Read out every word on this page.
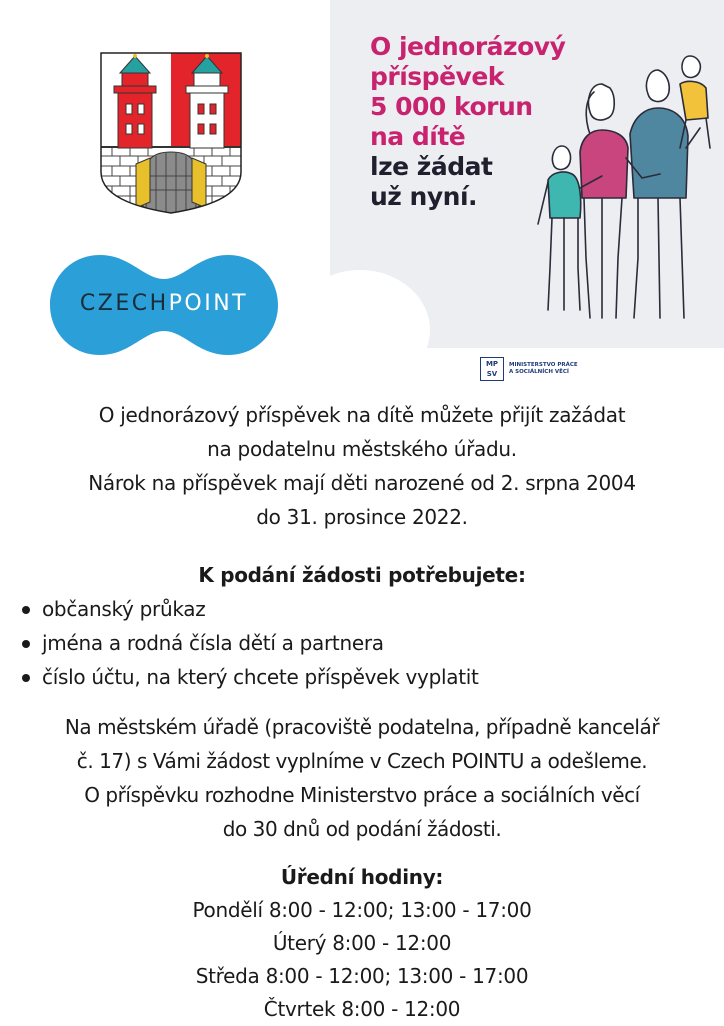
CZECHPOINT

O jednorázový
příspěvek
5 000 korun
na dítě
lze žádat
už nyní.

MP
SV
MINISTERSTVO PRÁCE
A SOCIÁLNÍCH VĚCÍ
O jednorázový příspěvek na dítě můžete přijít zažádat
na podatelnu městského úřadu.
Nárok na příspěvek mají děti narozené od 2. srpna 2004
do 31. prosince 2022.
K podání žádosti potřebujete:
občanský průkaz
jména a rodná čísla dětí a partnera
číslo účtu, na který chcete příspěvek vyplatit
Na městském úřadě (pracoviště podatelna, případně kancelář
č. 17) s Vámi žádost vyplníme v Czech POINTU a odešleme.
O příspěvku rozhodne Ministerstvo práce a sociálních věcí
do 30 dnů od podání žádosti.
Úřední hodiny:
Pondělí 8:00 - 12:00; 13:00 - 17:00
Úterý 8:00 - 12:00
Středa 8:00 - 12:00; 13:00 - 17:00
Čtvrtek 8:00 - 12:00
